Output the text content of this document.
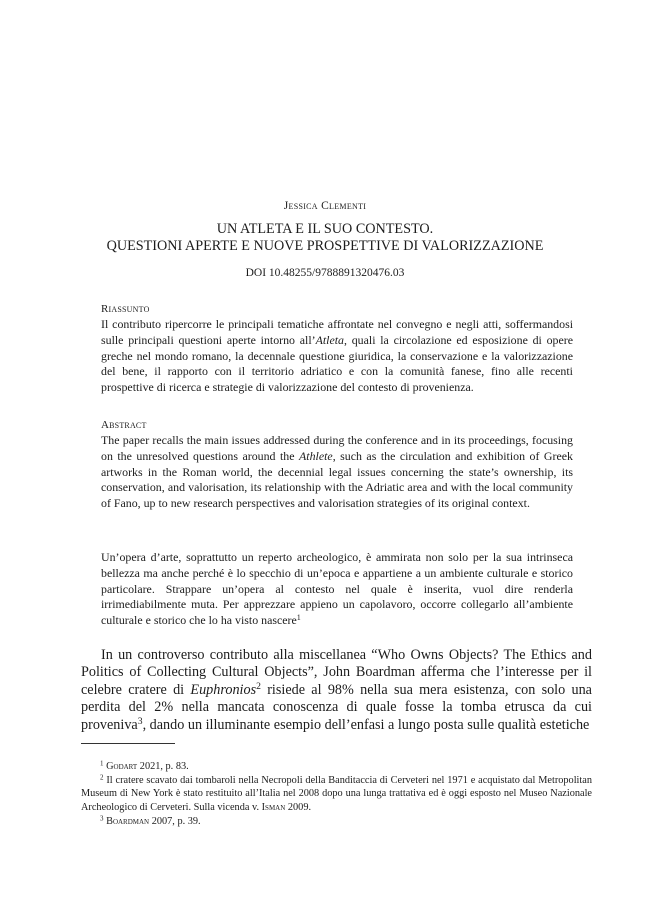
Jessica Clementi
UN ATLETA E IL SUO CONTESTO.
QUESTIONI APERTE E NUOVE PROSPETTIVE DI VALORIZZAZIONE
DOI 10.48255/9788891320476.03
Riassunto
Il contributo ripercorre le principali tematiche affrontate nel convegno e negli atti, soffermandosi sulle principali questioni aperte intorno all’Atleta, quali la circolazione ed esposizione di opere greche nel mondo romano, la decennale questione giuridica, la conservazione e la valorizzazione del bene, il rapporto con il territorio adriatico e con la comunità fanese, fino alle recenti prospettive di ricerca e strategie di valorizzazione del contesto di provenienza.
Abstract
The paper recalls the main issues addressed during the conference and in its proceedings, focusing on the unresolved questions around the Athlete, such as the circulation and exhibition of Greek artworks in the Roman world, the decennial legal issues concerning the state’s ownership, its conservation, and valorisation, its relationship with the Adriatic area and with the local community of Fano, up to new research perspectives and valorisation strategies of its original context.
Un’opera d’arte, soprattutto un reperto archeologico, è ammirata non solo per la sua intrinseca bellezza ma anche perché è lo specchio di un’epoca e appartiene a un ambiente culturale e storico particolare. Strappare un’opera al contesto nel quale è inserita, vuol dire renderla irrimediabilmente muta. Per apprezzare appieno un capolavoro, occorre collegarlo all’ambiente culturale e storico che lo ha visto nascere$^1$
In un controverso contributo alla miscellanea “Who Owns Objects? The Ethics and Politics of Collecting Cultural Objects”, John Boardman afferma che l’interesse per il celebre cratere di Euphronios$^2$ risiede al 98% nella sua mera esistenza, con solo una perdita del 2% nella mancata conoscenza di quale fosse la tomba etrusca da cui proveniva$^3$, dando un illuminante esempio dell’enfasi a lungo posta sulle qualità estetiche

$^1$ Godart 2021, p. 83.

$^2$ Il cratere scavato dai tombaroli nella Necropoli della Banditaccia di Cerveteri nel 1971 e acquistato dal Metropolitan Museum di New York è stato restituito all’Italia nel 2008 dopo una lunga trattativa ed è oggi esposto nel Museo Nazionale Archeologico di Cerveteri. Sulla vicenda v. Isman 2009.

$^3$ Boardman 2007, p. 39.
